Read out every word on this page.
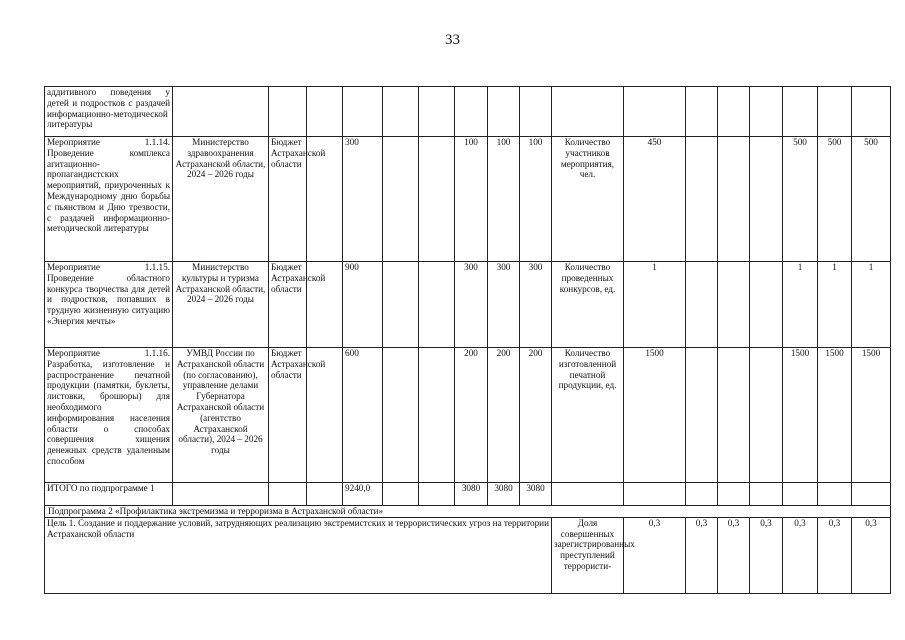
33
аддитивного поведения у детей и подростков с раздачей информационно-методической литературы																	
Мероприятие 1.1.14. Проведение комплекса агитационно-пропагандистских мероприятий, приуроченных к Международному дню борьбы с пьянством и Дню трезвости, с раздачей информационно-методической литературы	Министерство здравоохранения Астраханской области, 2024 – 2026 годы	Бюджет Астраханской области		300			100	100	100	Количество участников мероприятия, чел.	450				500	500	500
Мероприятие 1.1.15. Проведение областного конкурса творчества для детей и подростков, попавших в трудную жизненную ситуацию «Энергия мечты»	Министерство культуры и туризма Астраханской области, 2024 – 2026 годы	Бюджет Астраханской области		900			300	300	300	Количество проведенных конкурсов, ед.	1				1	1	1
Мероприятие 1.1.16. Разработка, изготовление и распространение печатной продукции (памятки, буклеты, листовки, брошюры) для необходимого информирования населения области о способах совершения хищения денежных средств удаленным способом	УМВД России по Астраханской области (по согласованию), управление делами Губернатора Астраханской области (агентство Астраханской области), 2024 – 2026 годы	Бюджет Астраханской области		600			200	200	200	Количество изготовленной печатной продукции, ед.	1500				1500	1500	1500
ИТОГО по подпрограмме 1				9240,0			3080	3080	3080								
Подпрограмма 2 «Профилактика экстремизма и терроризма в Астраханской области»																	
Цель 1. Создание и поддержание условий, затрудняющих реализацию экстремистских и террористических угроз на территории Астраханской области										Доля совершенных зарегистрированных преступлений террористи-	0,3	0,3	0,3	0,3	0,3	0,3	0,3
